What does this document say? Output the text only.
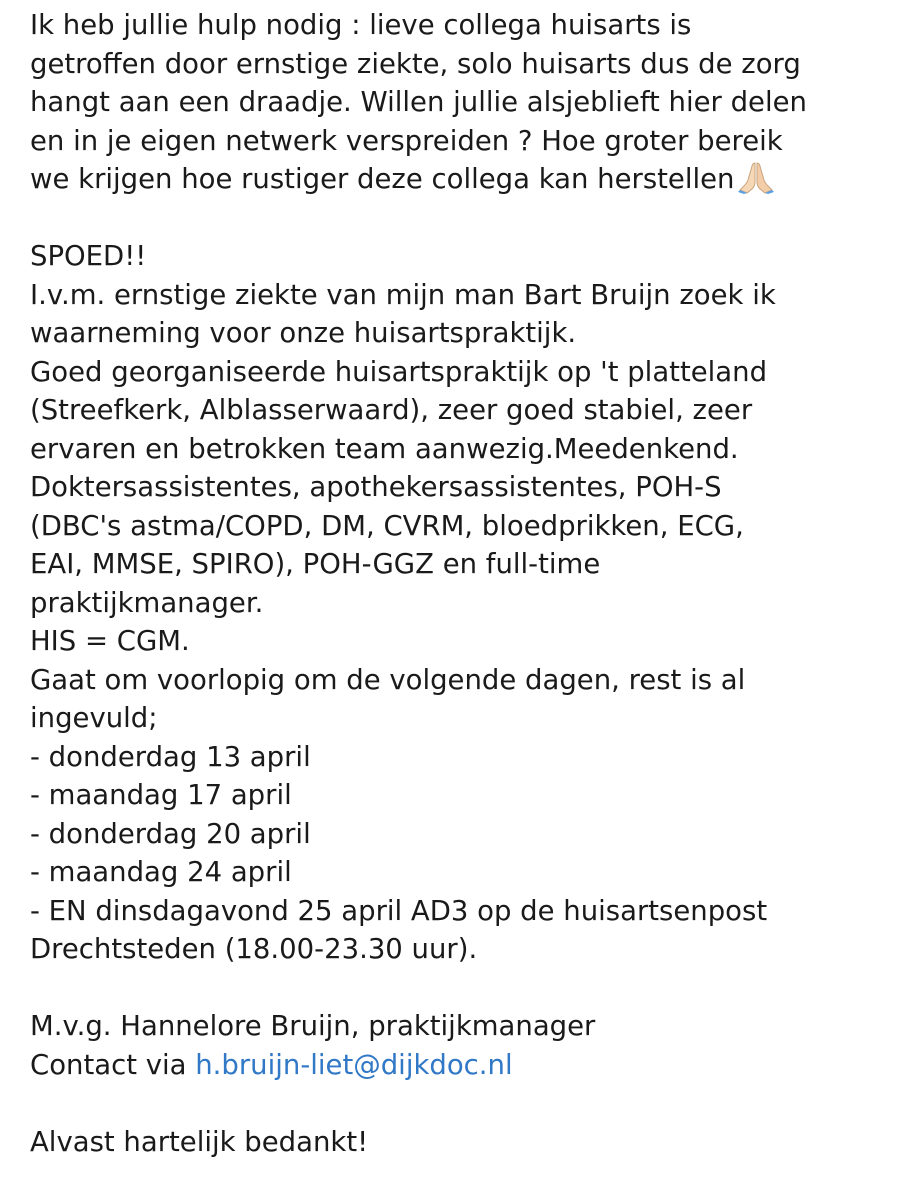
Ik heb jullie hulp nodig : lieve collega huisarts is
getroffen door ernstige ziekte, solo huisarts dus de zorg
hangt aan een draadje. Willen jullie alsjeblieft hier delen
en in je eigen netwerk verspreiden ? Hoe groter bereik
we krijgen hoe rustiger deze collega kan herstellen
SPOED!!
I.v.m. ernstige ziekte van mijn man Bart Bruijn zoek ik
waarneming voor onze huisartspraktijk.
Goed georganiseerde huisartspraktijk op 't platteland
(Streefkerk, Alblasserwaard), zeer goed stabiel, zeer
ervaren en betrokken team aanwezig.Meedenkend.
Doktersassistentes, apothekersassistentes, POH-S
(DBC's astma/COPD, DM, CVRM, bloedprikken, ECG,
EAI, MMSE, SPIRO), POH-GGZ en full-time
praktijkmanager.
HIS = CGM.
Gaat om voorlopig om de volgende dagen, rest is al
ingevuld;
- donderdag 13 april
- maandag 17 april
- donderdag 20 april
- maandag 24 april
- EN dinsdagavond 25 april AD3 op de huisartsenpost
Drechtsteden (18.00-23.30 uur).
M.v.g. Hannelore Bruijn, praktijkmanager
Contact via h.bruijn-liet@dijkdoc.nl
Alvast hartelijk bedankt!
